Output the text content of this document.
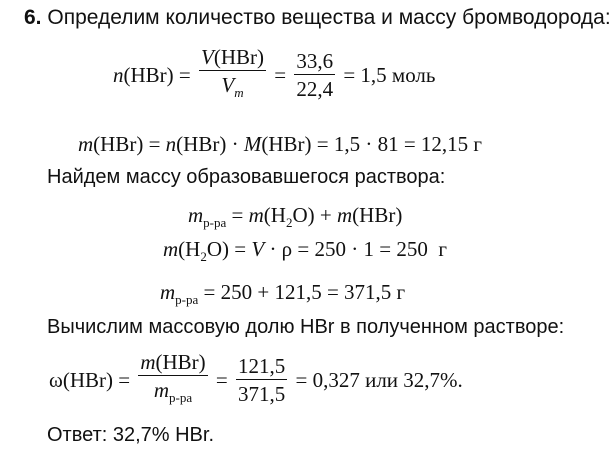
6. Определим количество вещества и массу бромводорода:
$n(HBr) = \frac{\text{V(HBr)}}{V_m} = \frac{33,6}{22,4} = 1,5$ моль
m(HBr) = n(HBr) · M(HBr) = 1,5 · 81 = 12,15 г
Найдем массу образовавшегося раствора:
$m_{р-ра} = m(H_2O) + m(HBr)$
$m(H_2O) = V \cdot \rho = 250 \cdot 1 = 250$  г
$m_{р-ра} = 250 + 121,5 = 371,5$ г
Вычислим массовую долю HBr в полученном растворе:
$\omega(HBr) = \frac{\text{m(HBr)}}{m_{р-ра}} = \frac{121,5}{371,5} = 0,327$ или 32,7%.
Ответ: 32,7% HBr.
